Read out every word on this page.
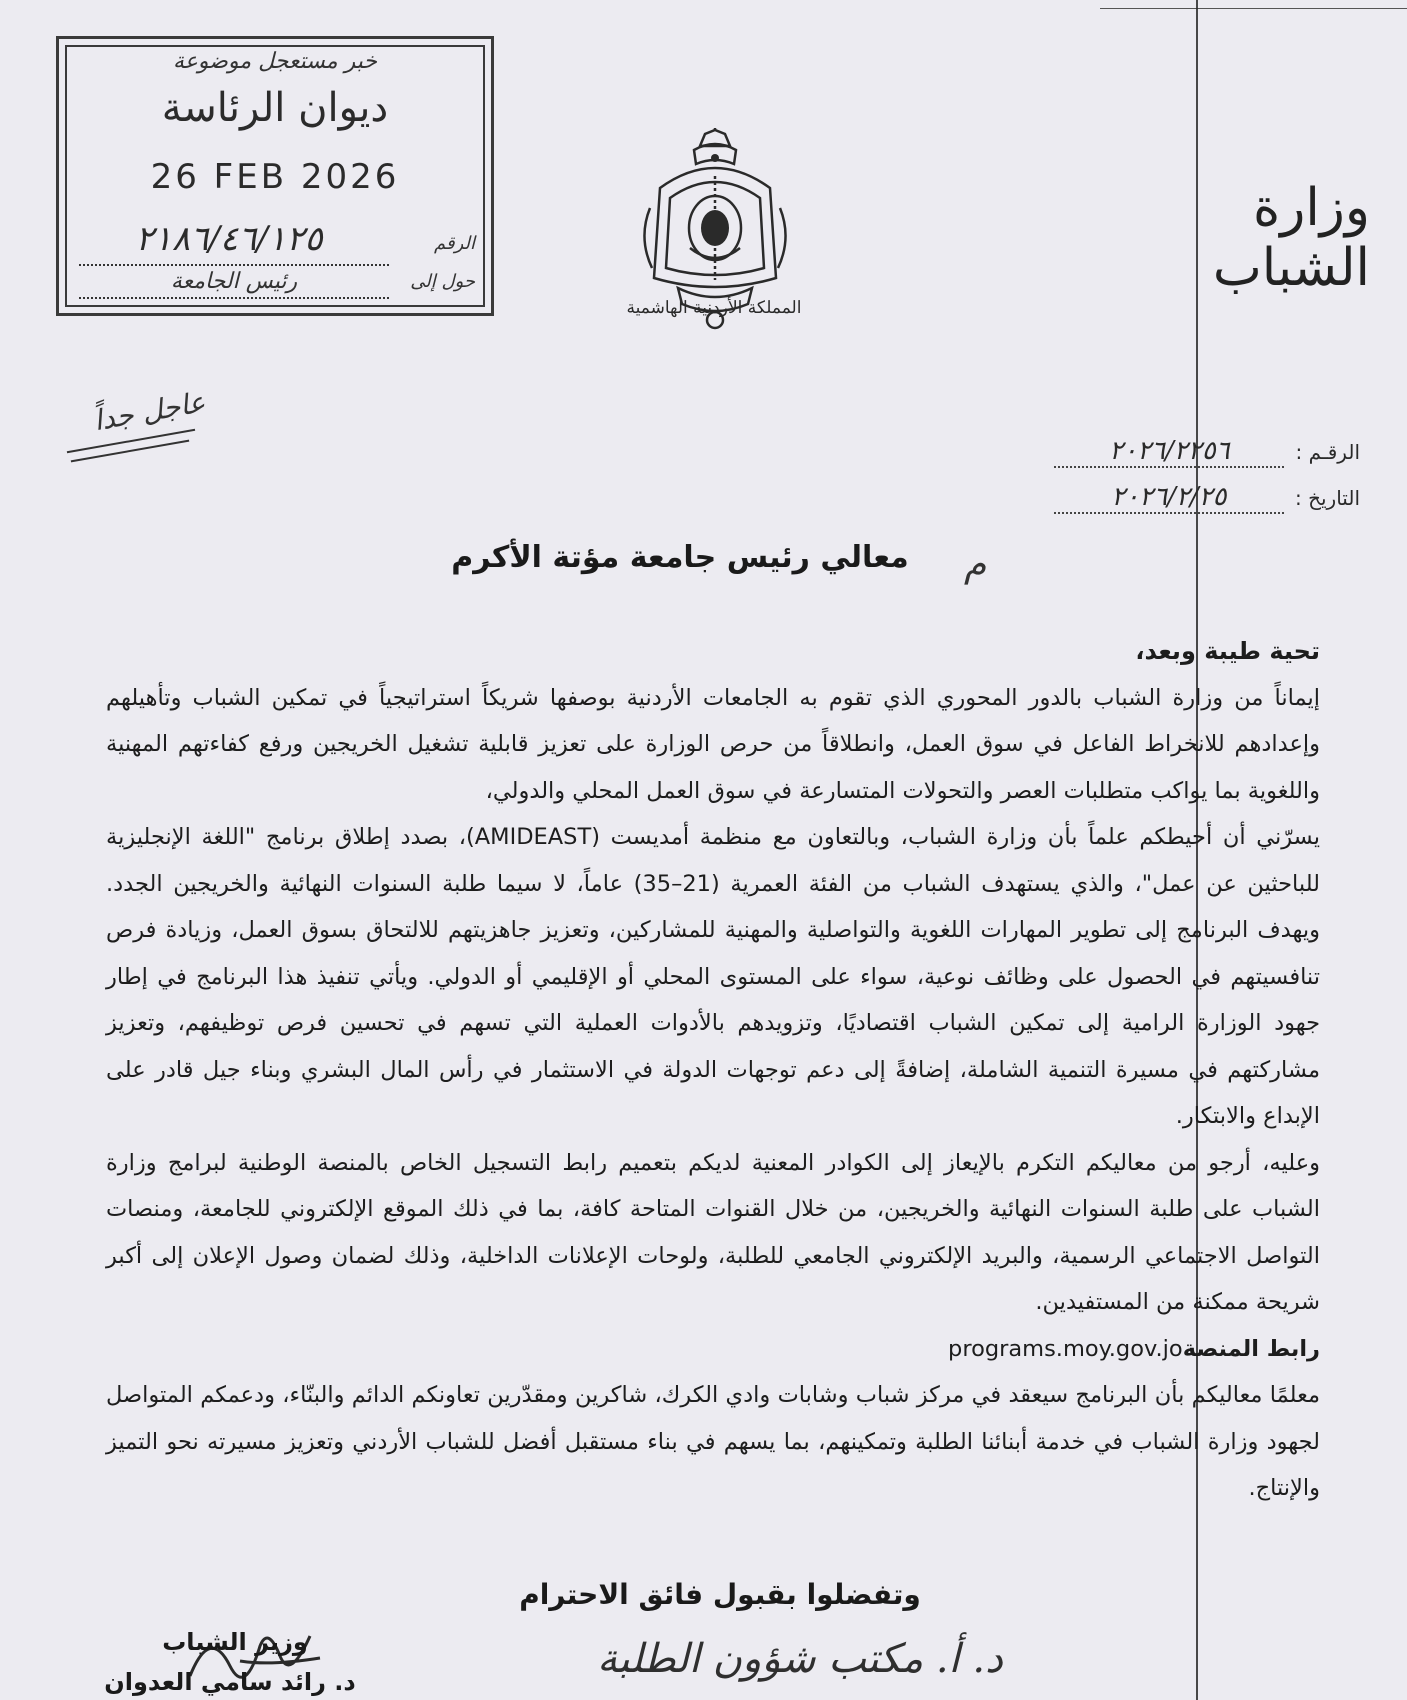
خبر مستعجل موضوعة
ديوان الرئاسة
26 FEB 2026
٢١٨٦/٤٦/١٢٥	الرقم
رئيس الجامعة	حول إلى
المملكة الأردنية الهاشمية
وزارة الشباب
عاجل جداً
الرقـم : ٢٠٢٦/٢٢٥٦
التاريخ : ٢٠٢٦/٢/٢٥
معالي رئيس جامعة مؤتة الأكرم	م

تحية طيبة وبعد،

إيماناً من وزارة الشباب بالدور المحوري الذي تقوم به الجامعات الأردنية بوصفها شريكاً استراتيجياً في تمكين الشباب وتأهيلهم وإعدادهم للانخراط الفاعل في سوق العمل، وانطلاقاً من حرص الوزارة على تعزيز قابلية تشغيل الخريجين ورفع كفاءتهم المهنية واللغوية بما يواكب متطلبات العصر والتحولات المتسارعة في سوق العمل المحلي والدولي،

يسرّني أن أحيطكم علماً بأن وزارة الشباب، وبالتعاون مع منظمة أمديست (AMIDEAST)، بصدد إطلاق برنامج "اللغة الإنجليزية للباحثين عن عمل"، والذي يستهدف الشباب من الفئة العمرية (21–35) عاماً، لا سيما طلبة السنوات النهائية والخريجين الجدد. ويهدف البرنامج إلى تطوير المهارات اللغوية والتواصلية والمهنية للمشاركين، وتعزيز جاهزيتهم للالتحاق بسوق العمل، وزيادة فرص تنافسيتهم في الحصول على وظائف نوعية، سواء على المستوى المحلي أو الإقليمي أو الدولي. ويأتي تنفيذ هذا البرنامج في إطار جهود الوزارة الرامية إلى تمكين الشباب اقتصاديًا، وتزويدهم بالأدوات العملية التي تسهم في تحسين فرص توظيفهم، وتعزيز مشاركتهم في مسيرة التنمية الشاملة، إضافةً إلى دعم توجهات الدولة في الاستثمار في رأس المال البشري وبناء جيل قادر على الإبداع والابتكار.

وعليه، أرجو من معاليكم التكرم بالإيعاز إلى الكوادر المعنية لديكم بتعميم رابط التسجيل الخاص بالمنصة الوطنية لبرامج وزارة الشباب على طلبة السنوات النهائية والخريجين، من خلال القنوات المتاحة كافة، بما في ذلك الموقع الإلكتروني للجامعة، ومنصات التواصل الاجتماعي الرسمية، والبريد الإلكتروني الجامعي للطلبة، ولوحات الإعلانات الداخلية، وذلك لضمان وصول الإعلان إلى أكبر شريحة ممكنة من المستفيدين.

رابط المنصةprograms.moy.gov.jo

معلمًا معاليكم بأن البرنامج سيعقد في مركز شباب وشابات وادي الكرك، شاكرين ومقدّرين تعاونكم الدائم والبنّاء، ودعمكم المتواصل لجهود وزارة الشباب في خدمة أبنائنا الطلبة وتمكينهم، بما يسهم في بناء مستقبل أفضل للشباب الأردني وتعزيز مسيرته نحو التميز والإنتاج.

وتفضلوا بقبول فائق الاحترام
وزير الشباب
د. رائد سامي العدوان	د. أ. مكتب شؤون الطلبة
